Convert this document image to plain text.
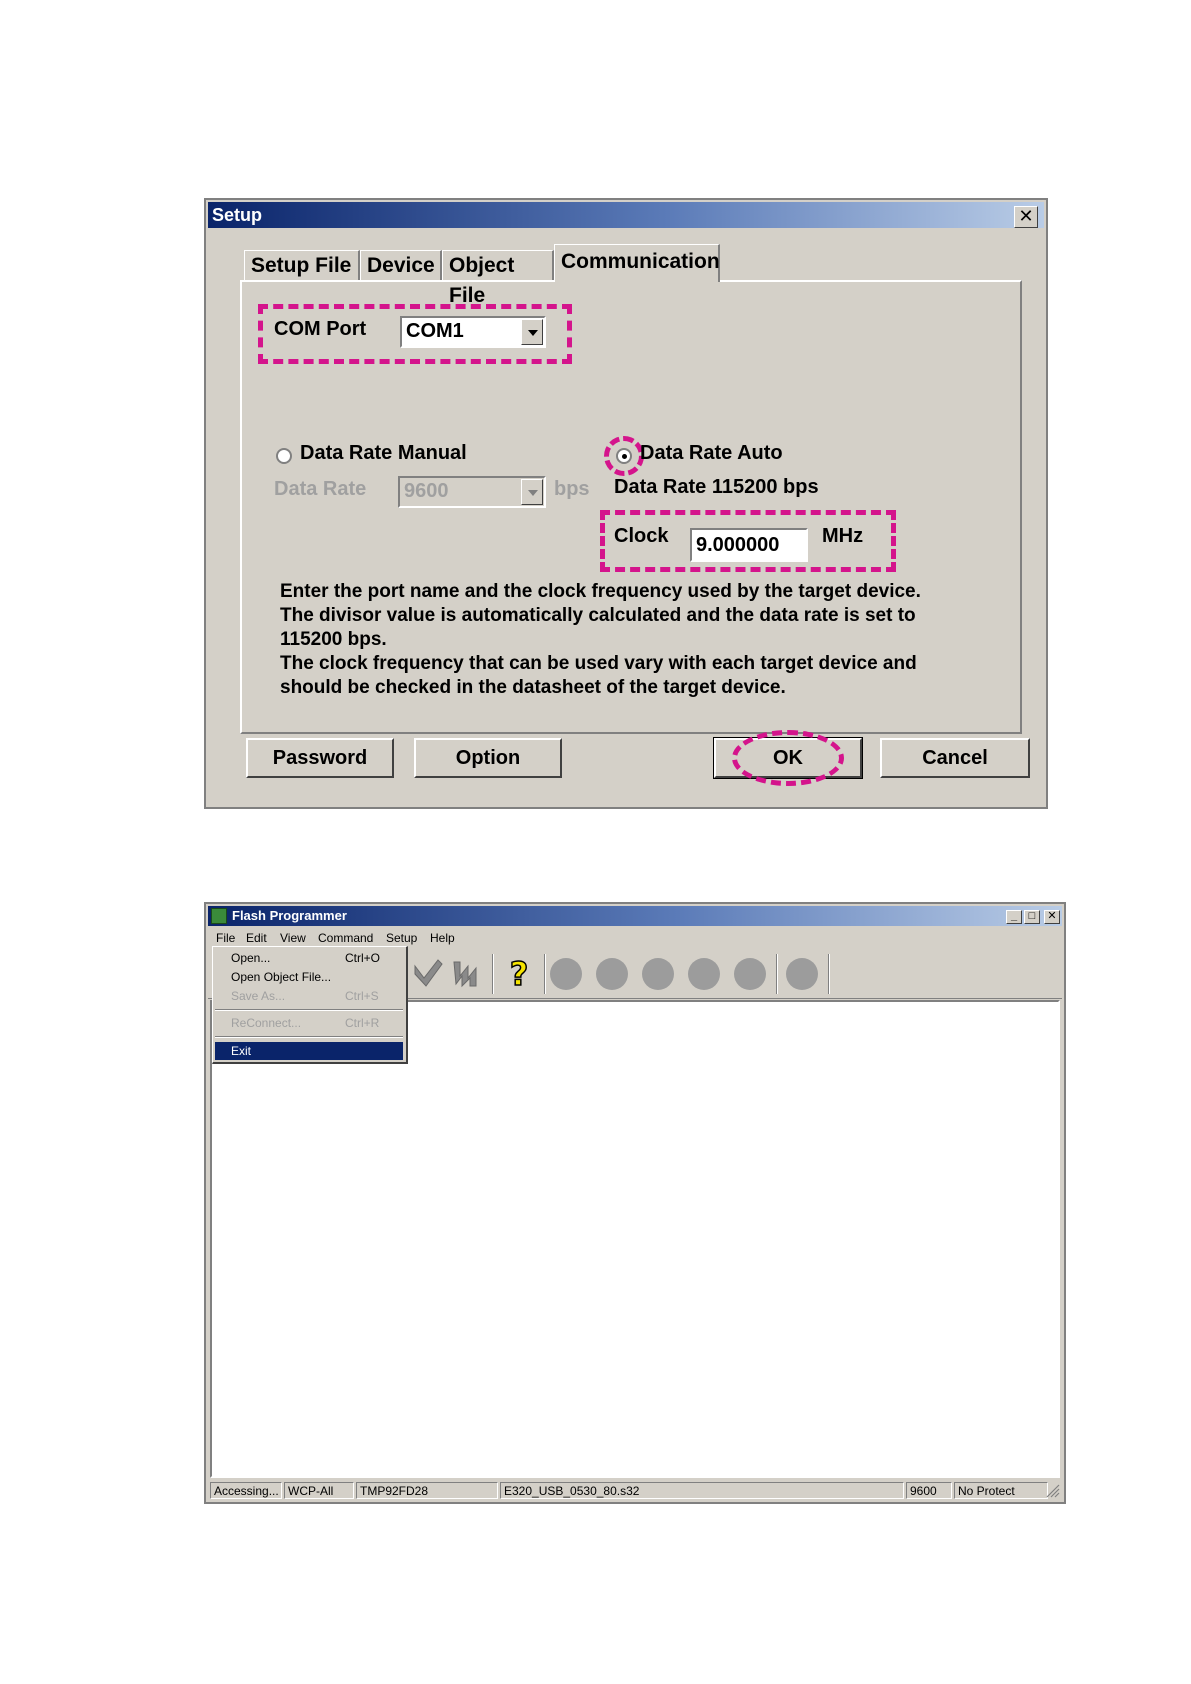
Setup	✕
Setup File Device Object File
Communication
COM Port COM1
Data Rate Manual
Data Rate 9600	bps
Data Rate Auto
Data Rate 115200 bps
Clock	9.000000	MHz
Enter the port name and the clock frequency used by the target device.
The divisor value is automatically calculated and the data rate is set to
115200 bps.
The clock frequency that can be used vary with each target device and
should be checked in the datasheet of the target device.
Password	Option	OK	Cancel
Flash Programmer	_	□	✕
File Edit View Command Setup Help
?
Open...	Ctrl+O
Open Object File...
Save As...	Ctrl+S
ReConnect...	Ctrl+R
Exit
Accessing... WCP-All	TMP92FD28	E320_USB_0530_80.s32	9600	No Protect
